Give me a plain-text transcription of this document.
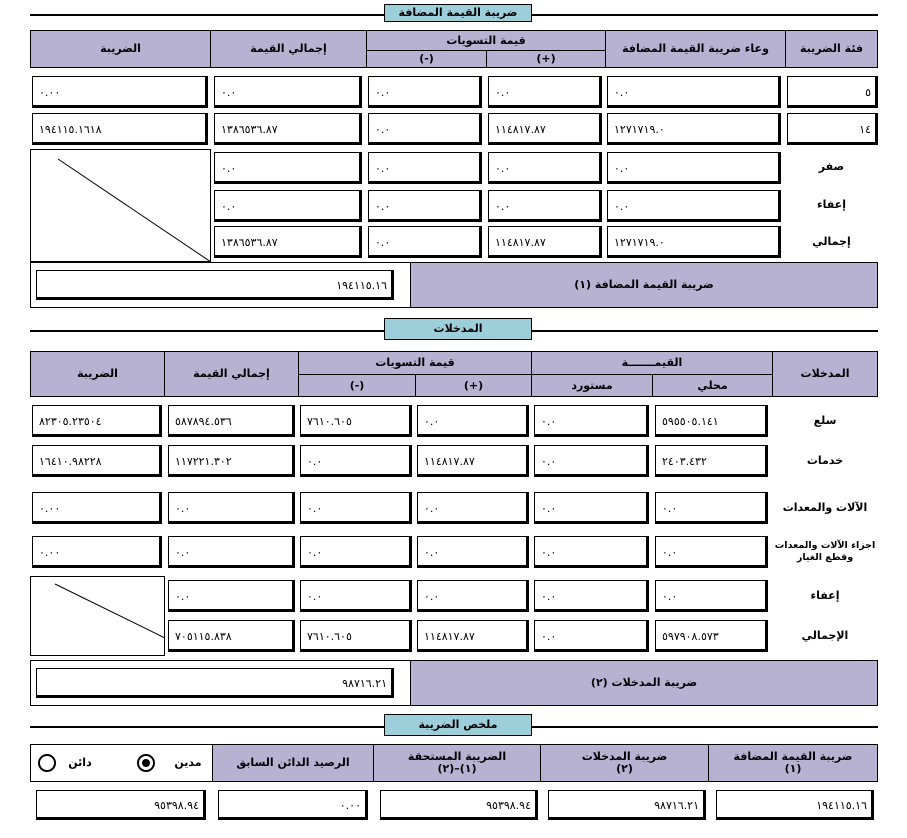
ضريبة القيمة المضافة
فئة الضريبة
وعاء ضريبة القيمة المضافة
قيمة التسويات
(+)
(-)
إجمالي القيمة
الضريبة
٥
٠.٠
٠.٠
٠.٠
٠.٠
٠.٠٠
١٤
١٢٧١٧١٩.٠
١١٤٨١٧.٨٧
٠.٠
١٣٨٦٥٣٦.٨٧
١٩٤١١٥.١٦١٨
صفر
٠.٠
٠.٠
٠.٠
٠.٠
إعفاء
٠.٠
٠.٠
٠.٠
٠.٠
إجمالي
١٢٧١٧١٩.٠
١١٤٨١٧.٨٧
٠.٠
١٣٨٦٥٣٦.٨٧
ضريبة القيمة المضافة (١)
١٩٤١١٥.١٦
المدخلات
المدخلات
القيمـــــــة
محلي
مستورد
قيمة التسويات
(+)
(-)
إجمالي القيمة
الضريبة
سلع
٥٩٥٥٠٥.١٤١
٠.٠
٠.٠
٧٦١٠.٦٠٥
٥٨٧٨٩٤.٥٣٦
٨٢٣٠٥.٢٣٥٠٤
خدمات
٢٤٠٣.٤٣٢
٠.٠
١١٤٨١٧.٨٧
٠.٠
١١٧٢٢١.٣٠٢
١٦٤١٠.٩٨٢٢٨
الآلات والمعدات
٠.٠
٠.٠
٠.٠
٠.٠
٠.٠
٠.٠٠
اجزاء الآلات والمعدات وقطع الغيار
٠.٠
٠.٠
٠.٠
٠.٠
٠.٠
٠.٠٠
إعفاء
٠.٠
٠.٠
٠.٠
٠.٠
٠.٠
الإجمالي
٥٩٧٩٠٨.٥٧٣
٠.٠
١١٤٨١٧.٨٧
٧٦١٠.٦٠٥
٧٠٥١١٥.٨٣٨
ضريبة المدخلات (٢)
٩٨٧١٦.٢١
ملخص الضريبة
ضريبة القيمة المضافة
(١)
ضريبة المدخلات
(٢)
الضريبة المستحقة
(٢)–(١)
الرصيد الدائن السابق
مدين
دائن
١٩٤١١٥.١٦
٩٨٧١٦.٢١
٩٥٣٩٨.٩٤
٠.٠٠
٩٥٣٩٨.٩٤
